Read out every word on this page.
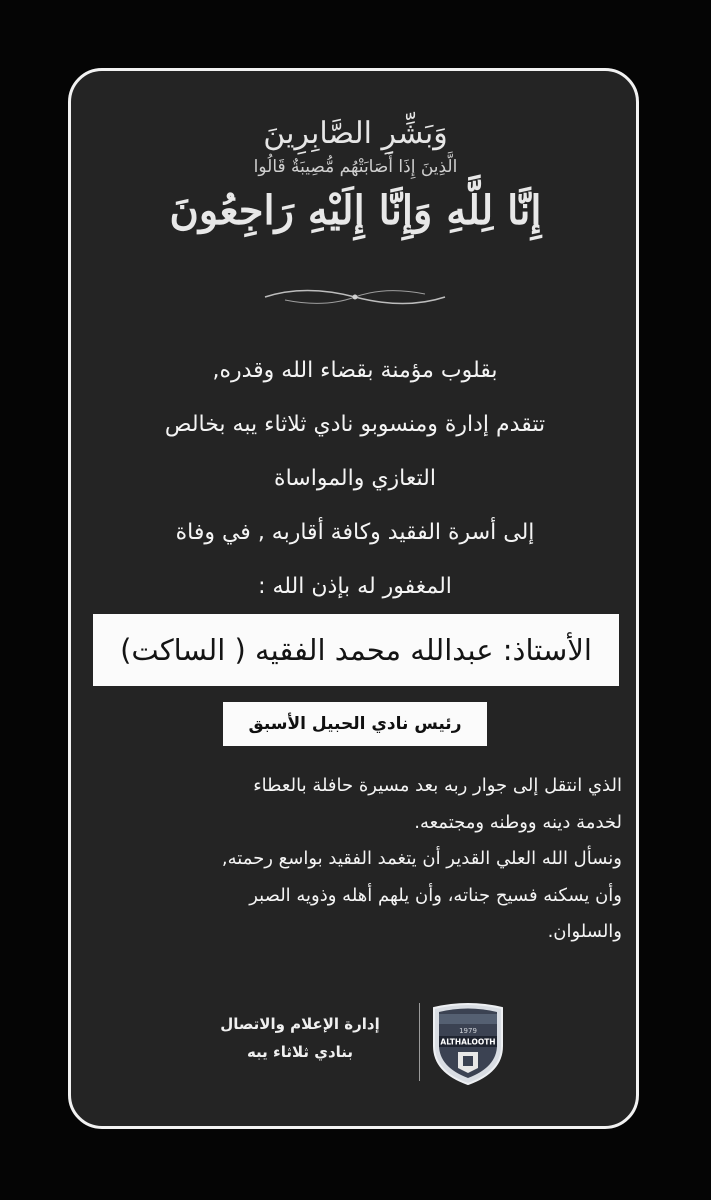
وَبَشِّرِ الصَّابِرِينَ
الَّذِينَ إِذَا أَصَابَتْهُم مُّصِيبَةٌ قَالُوا
إِنَّا لِلَّهِ وَإِنَّا إِلَيْهِ رَاجِعُونَ
بقلوب مؤمنة بقضاء الله وقدره,
تتقدم إدارة ومنسوبو نادي ثلاثاء يبه بخالص
التعازي والمواساة
إلى أسرة الفقيد وكافة أقاربه , في وفاة
المغفور له بإذن الله :
الأستاذ: عبدالله محمد الفقيه ( الساكت)
رئيس نادي الحبيل الأسبق
الذي انتقل إلى جوار ربه بعد مسيرة حافلة بالعطاء
لخدمة دينه ووطنه ومجتمعه.
ونسأل الله العلي القدير أن يتغمد الفقيد بواسع رحمته,
وأن يسكنه فسيح جناته، وأن يلهم أهله وذويه الصبر
والسلوان.
إدارة الإعلام والاتصال
بنادي ثلاثاء يبه
1979
ALTHALOOTH
